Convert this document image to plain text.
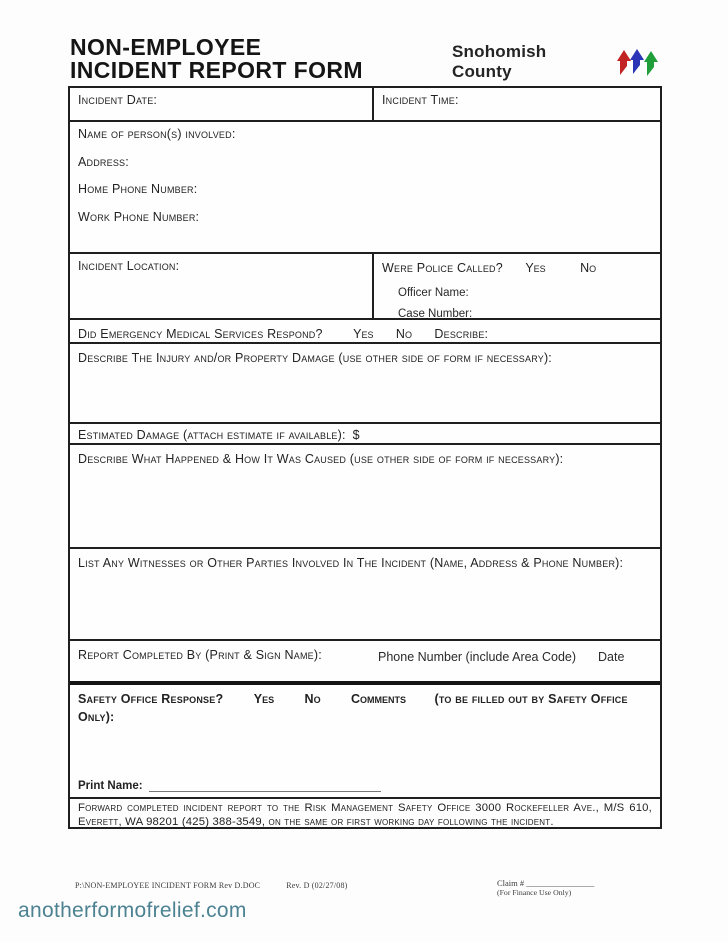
NON-EMPLOYEE
INCIDENT REPORT FORM
Snohomish County
Incident Date:	Incident Time:

Name of person(s) involved:

Address:

Home Phone Number:

Work Phone Number:

Incident Location:	Were Police Called? Yes	No
Officer Name:
Case Number:
Did Emergency Medical Services Respond? Yes No Describe:
Describe The Injury and/or Property Damage (use other side of form if necessary):
Estimated Damage (attach estimate if available): $
Describe What Happened & How It Was Caused (use other side of form if necessary):
List Any Witnesses or Other Parties Involved In The Incident (Name, Address & Phone Number):
Report Completed By (Print & Sign Name):	Phone Number (include Area Code) Date
Safety Office Response? Yes No Comments (to be filled out by Safety Office Only):
Print Name:
Forward completed incident report to the Risk Management Safety Office 3000 Rockefeller Ave., M/S 610, Everett, WA 98201 (425) 388-3549, on the same or first working day following the incident.
P:\NON-EMPLOYEE INCIDENT FORM Rev D.DOC	Rev. D (02/27/08)	Claim # ________________
(For Finance Use Only)
anotherformofrelief.com
